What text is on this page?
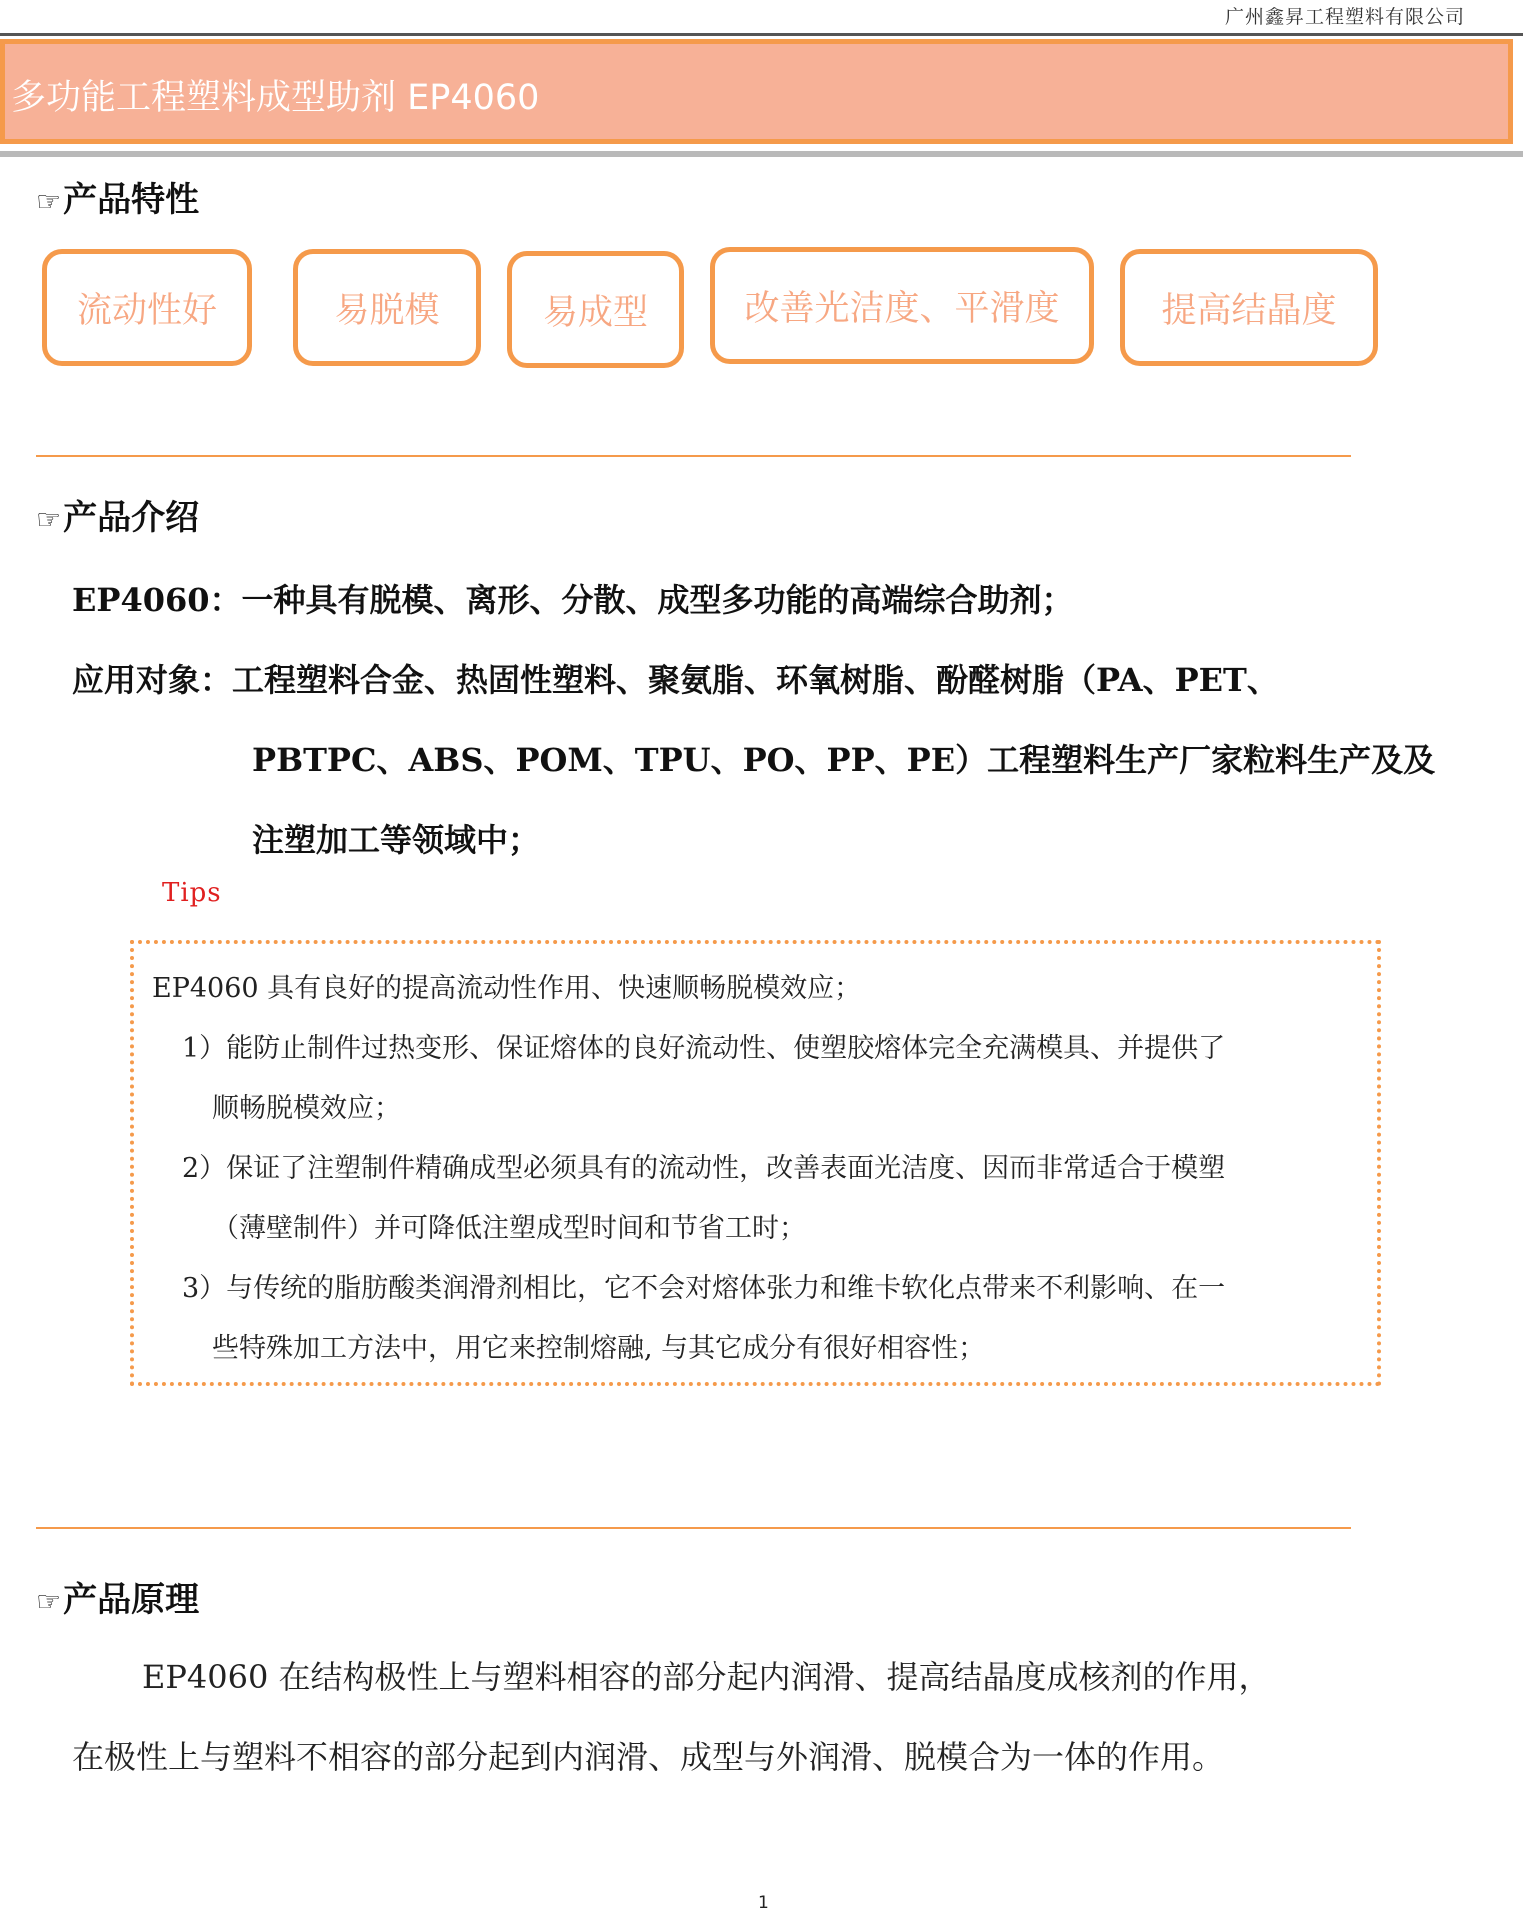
广州鑫昇工程塑料有限公司
多功能工程塑料成型助剂 EP4060
☞产品特性
流动性好	易脱模	易成型	改善光洁度、平滑度	提高结晶度
☞产品介绍
EP4060：一种具有脱模、离形、分散、成型多功能的高端综合助剂；
应用对象：工程塑料合金、热固性塑料、聚氨脂、环氧树脂、酚醛树脂（PA、PET、
PBTPC、ABS、POM、TPU、PO、PP、PE）工程塑料生产厂家粒料生产及及
注塑加工等领域中；
Tips
EP4060 具有良好的提高流动性作用、快速顺畅脱模效应；
1）能防止制件过热变形、保证熔体的良好流动性、使塑胶熔体完全充满模具、并提供了
顺畅脱模效应；
2）保证了注塑制件精确成型必须具有的流动性，改善表面光洁度、因而非常适合于模塑
（薄壁制件）并可降低注塑成型时间和节省工时；
3）与传统的脂肪酸类润滑剂相比，它不会对熔体张力和维卡软化点带来不利影响、在一
些特殊加工方法中，用它来控制熔融, 与其它成分有很好相容性；
☞产品原理
EP4060 在结构极性上与塑料相容的部分起内润滑、提高结晶度成核剂的作用，
在极性上与塑料不相容的部分起到内润滑、成型与外润滑、脱模合为一体的作用。
1
